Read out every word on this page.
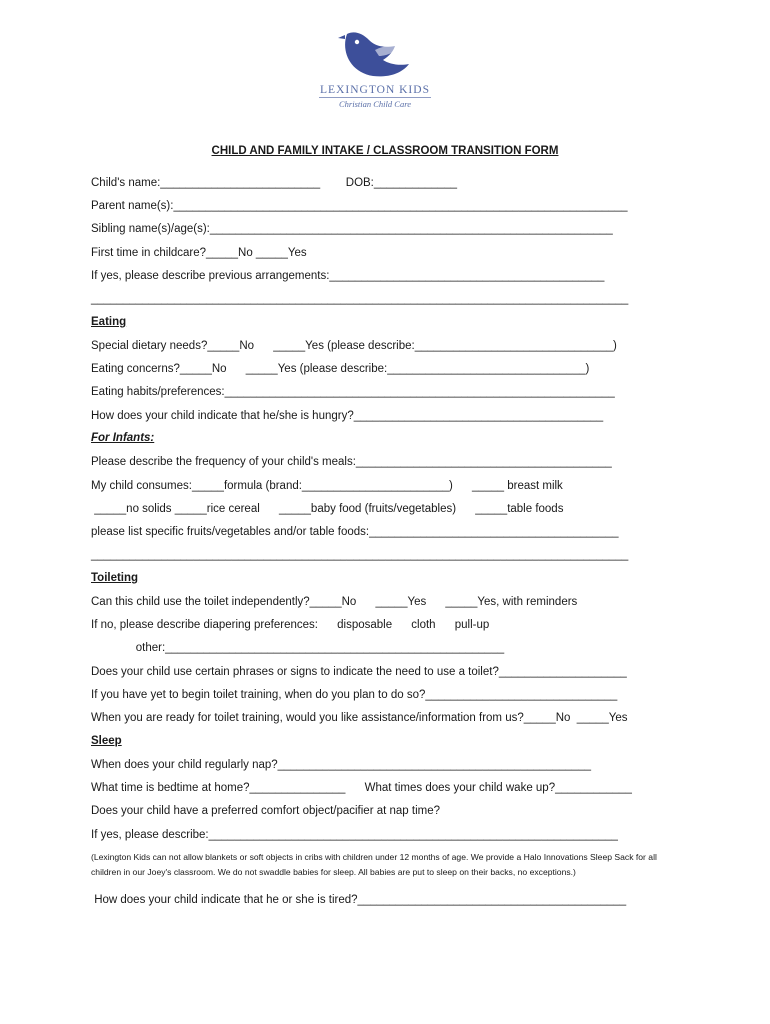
LEXINGTON KIDS
Christian Child Care
CHILD AND FAMILY INTAKE / CLASSROOM TRANSITION FORM
Child's name:_________________________        DOB:_____________
Parent name(s):_______________________________________________________________________
Sibling name(s)/age(s):_______________________________________________________________
First time in childcare?_____No _____Yes
If yes, please describe previous arrangements:___________________________________________
____________________________________________________________________________________
Eating
Special dietary needs?_____No      _____Yes (please describe:_______________________________)
Eating concerns?_____No      _____Yes (please describe:_______________________________)
Eating habits/preferences:_____________________________________________________________
How does your child indicate that he/she is hungry?_______________________________________
For Infants:
Please describe the frequency of your child's meals:________________________________________
My child consumes:_____formula (brand:_______________________)      _____ breast milk
_____no solids _____rice cereal      _____baby food (fruits/vegetables)      _____table foods
please list specific fruits/vegetables and/or table foods:_______________________________________
____________________________________________________________________________________
Toileting
Can this child use the toilet independently?_____No      _____Yes      _____Yes, with reminders
If no, please describe diapering preferences:      disposable      cloth      pull-up
other:_____________________________________________________
Does your child use certain phrases or signs to indicate the need to use a toilet?____________________
If you have yet to begin toilet training, when do you plan to do so?______________________________
When you are ready for toilet training, would you like assistance/information from us?_____No  _____Yes
Sleep
When does your child regularly nap?_________________________________________________
What time is bedtime at home?_______________      What times does your child wake up?____________
Does your child have a preferred comfort object/pacifier at nap time?
If yes, please describe:________________________________________________________________
(Lexington Kids can not allow blankets or soft objects in cribs with children under 12 months of age. We provide a Halo Innovations Sleep Sack for all children in our Joey's classroom. We do not swaddle babies for sleep. All babies are put to sleep on their backs, no exceptions.)
How does your child indicate that he or she is tired?__________________________________________
